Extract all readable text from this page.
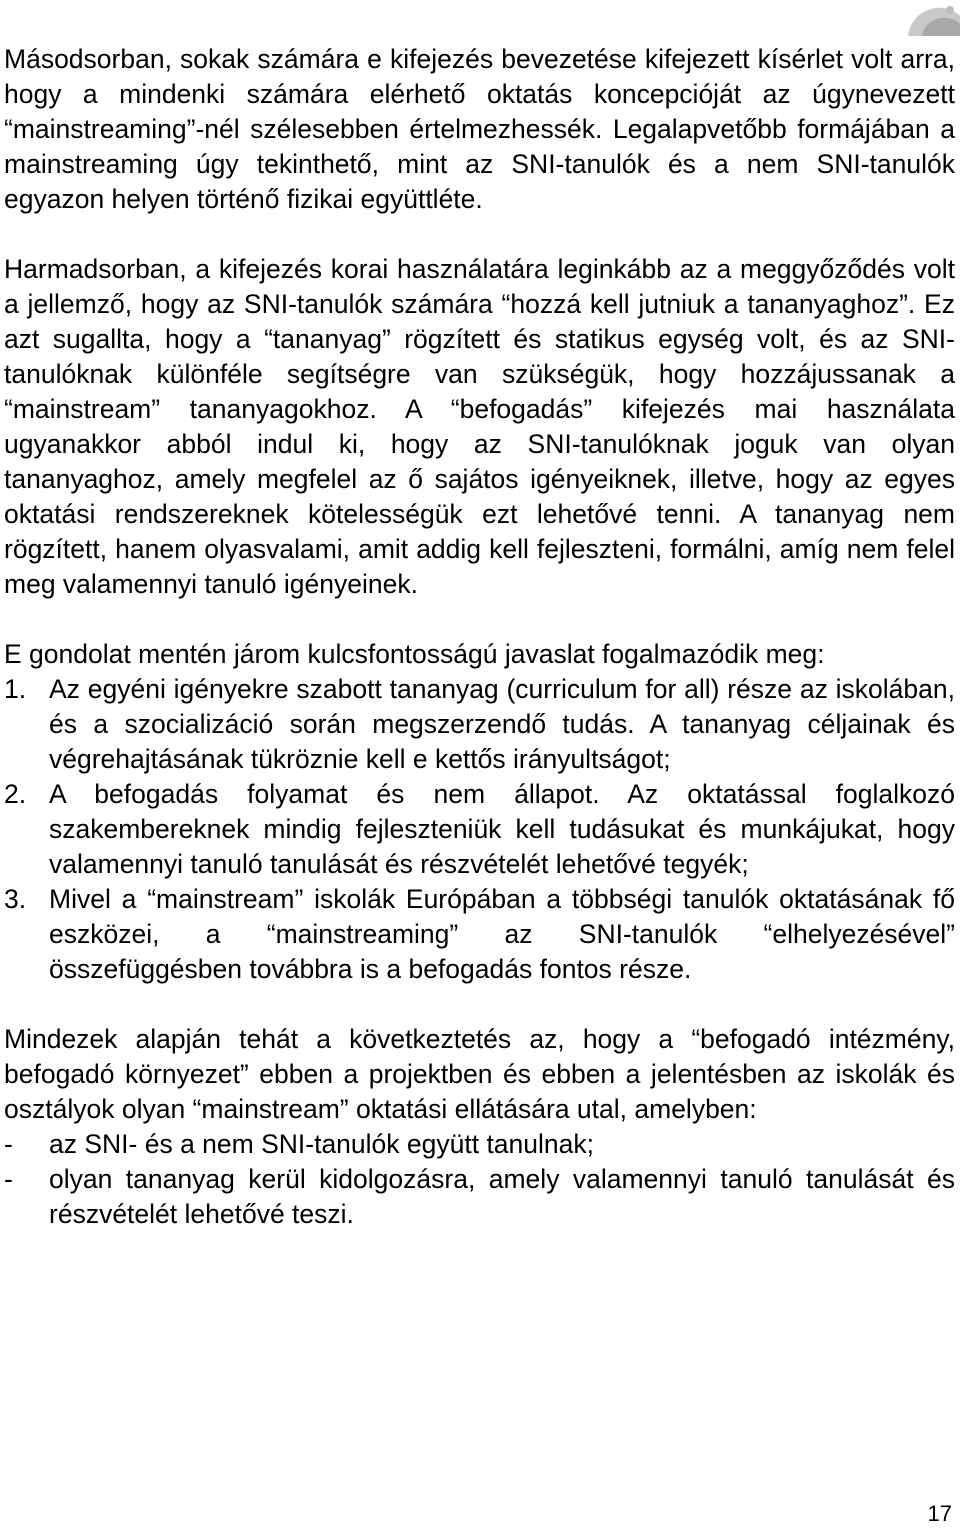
Másodsorban, sokak számára e kifejezés bevezetése kifejezett kísérlet volt arra, hogy a mindenki számára elérhető oktatás koncepcióját az úgynevezett “mainstreaming”-nél szélesebben értelmezhessék. Legalapvetőbb formájában a mainstreaming úgy tekinthető, mint az SNI-tanulók és a nem SNI-tanulók egyazon helyen történő fizikai együttléte.

Harmadsorban, a kifejezés korai használatára leginkább az a meggyőződés volt a jellemző, hogy az SNI-tanulók számára “hozzá kell jutniuk a tananyaghoz”. Ez azt sugallta, hogy a “tananyag” rögzített és statikus egység volt, és az SNI-tanulóknak különféle segítségre van szükségük, hogy hozzájussanak a “mainstream” tananyagokhoz. A “befogadás” kifejezés mai használata ugyanakkor abból indul ki, hogy az SNI-tanulóknak joguk van olyan tananyaghoz, amely megfelel az ő sajátos igényeiknek, illetve, hogy az egyes oktatási rendszereknek kötelességük ezt lehetővé tenni. A tananyag nem rögzített, hanem olyasvalami, amit addig kell fejleszteni, formálni, amíg nem felel meg valamennyi tanuló igényeinek.

E gondolat mentén járom kulcsfontosságú javaslat fogalmazódik meg:

1. Az egyéni igényekre szabott tananyag (curriculum for all) része az iskolában, és a szocializáció során megszerzendő tudás. A tananyag céljainak és végrehajtásának tükröznie kell e kettős irányultságot;
2. A befogadás folyamat és nem állapot. Az oktatással foglalkozó szakembereknek mindig fejleszteniük kell tudásukat és munkájukat, hogy valamennyi tanuló tanulását és részvételét lehetővé tegyék;
3. Mivel a “mainstream” iskolák Európában a többségi tanulók oktatásának fő eszközei, a “mainstreaming” az SNI-tanulók “elhelyezésével” összefüggésben továbbra is a befogadás fontos része.

Mindezek alapján tehát a következtetés az, hogy a “befogadó intézmény, befogadó környezet” ebben a projektben és ebben a jelentésben az iskolák és osztályok olyan “mainstream” oktatási ellátására utal, amelyben:

- az SNI- és a nem SNI-tanulók együtt tanulnak;
- olyan tananyag kerül kidolgozásra, amely valamennyi tanuló tanulását és részvételét lehetővé teszi.
17
